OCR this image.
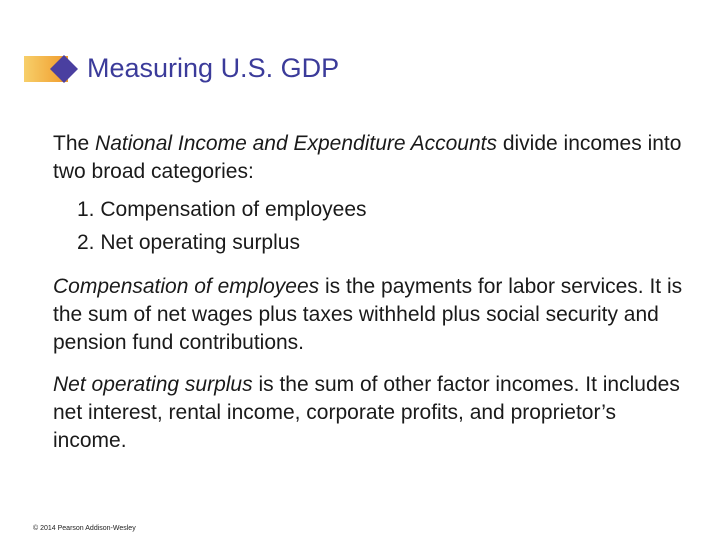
Measuring U.S. GDP
The National Income and Expenditure Accounts divide incomes into two broad categories:
1. Compensation of employees
2. Net operating surplus
Compensation of employees is the payments for labor services. It is the sum of net wages plus taxes withheld plus social security and pension fund contributions.
Net operating surplus is the sum of other factor incomes. It includes net interest, rental income, corporate profits, and proprietor’s income.
© 2014 Pearson Addison-Wesley
